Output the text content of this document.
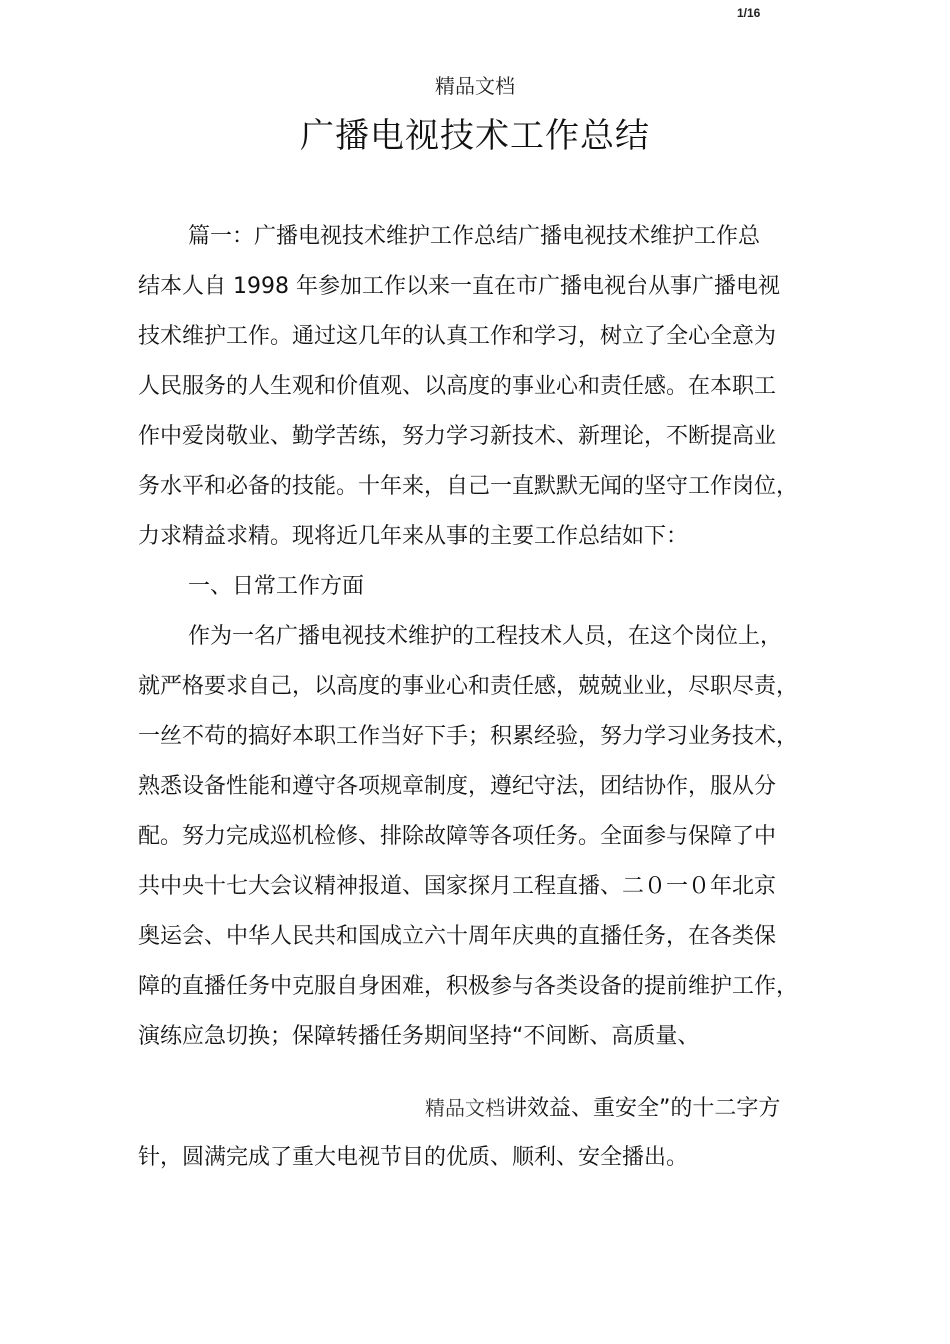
1/16
精品文档
广播电视技术工作总结
篇一：广播电视技术维护工作总结广播电视技术维护工作总
结本人自 1998 年参加工作以来一直在市广播电视台从事广播电视
技术维护工作。通过这几年的认真工作和学习，树立了全心全意为
人民服务的人生观和价值观、以高度的事业心和责任感。在本职工
作中爱岗敬业、勤学苦练，努力学习新技术、新理论，不断提高业
务水平和必备的技能。十年来，自己一直默默无闻的坚守工作岗位，
力求精益求精。现将近几年来从事的主要工作总结如下：
一、日常工作方面
作为一名广播电视技术维护的工程技术人员，在这个岗位上，
就严格要求自己，以高度的事业心和责任感，兢兢业业，尽职尽责，
一丝不苟的搞好本职工作当好下手；积累经验，努力学习业务技术，
熟悉设备性能和遵守各项规章制度，遵纪守法，团结协作，服从分
配。努力完成巡机检修、排除故障等各项任务。全面参与保障了中
共中央十七大会议精神报道、国家探月工程直播、二０一０年北京
奥运会、中华人民共和国成立六十周年庆典的直播任务，在各类保
障的直播任务中克服自身困难，积极参与各类设备的提前维护工作，
演练应急切换；保障转播任务期间坚持“不间断、高质量、
精品文档讲效益、重安全”的十二字方
针，圆满完成了重大电视节目的优质、顺利、安全播出。
